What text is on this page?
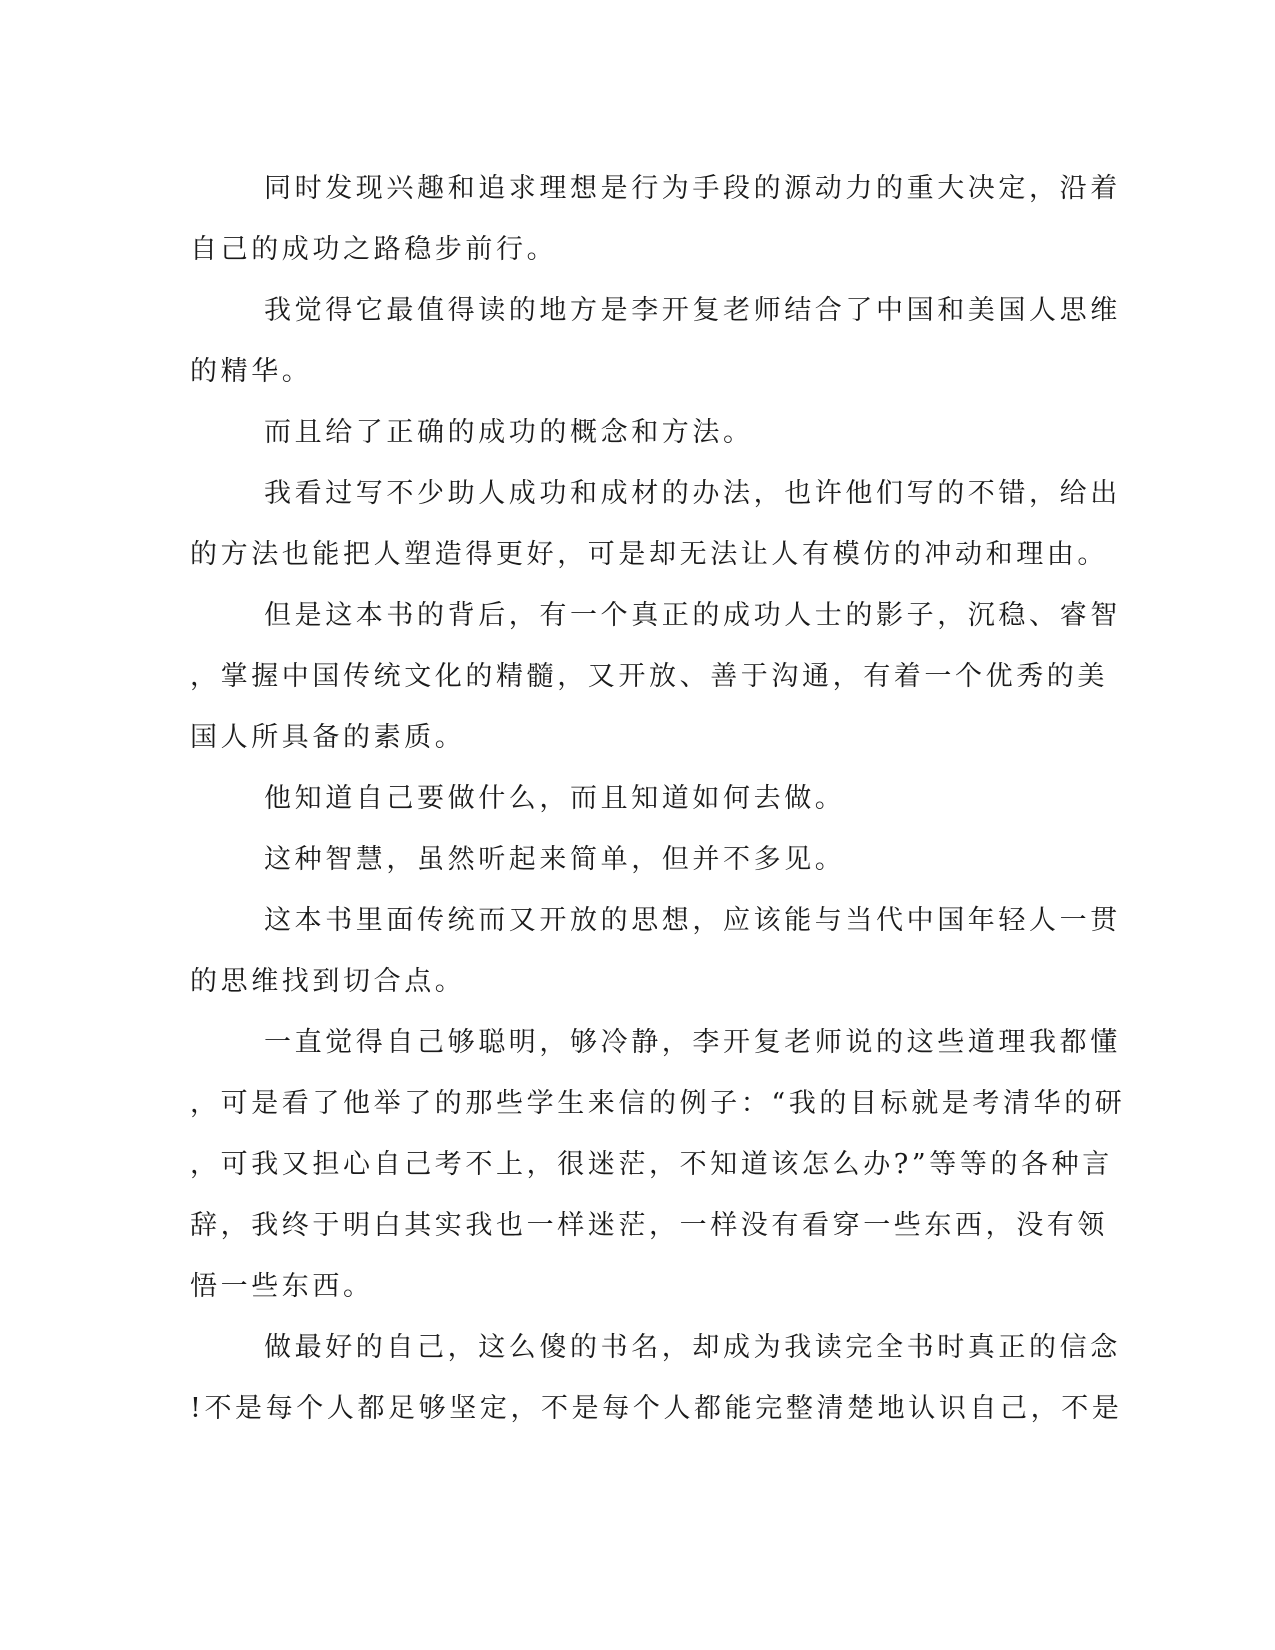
同时发现兴趣和追求理想是行为手段的源动力的重大决定，沿着
自己的成功之路稳步前行。
我觉得它最值得读的地方是李开复老师结合了中国和美国人思维
的精华。
而且给了正确的成功的概念和方法。
我看过写不少助人成功和成材的办法，也许他们写的不错，给出
的方法也能把人塑造得更好，可是却无法让人有模仿的冲动和理由。
但是这本书的背后，有一个真正的成功人士的影子，沉稳、睿智
，掌握中国传统文化的精髓，又开放、善于沟通，有着一个优秀的美
国人所具备的素质。
他知道自己要做什么，而且知道如何去做。
这种智慧，虽然听起来简单，但并不多见。
这本书里面传统而又开放的思想，应该能与当代中国年轻人一贯
的思维找到切合点。
一直觉得自己够聪明，够冷静，李开复老师说的这些道理我都懂
，可是看了他举了的那些学生来信的例子：“我的目标就是考清华的研
，可我又担心自己考不上，很迷茫，不知道该怎么办?”等等的各种言
辞，我终于明白其实我也一样迷茫，一样没有看穿一些东西，没有领
悟一些东西。
做最好的自己，这么傻的书名，却成为我读完全书时真正的信念
!不是每个人都足够坚定，不是每个人都能完整清楚地认识自己，不是
